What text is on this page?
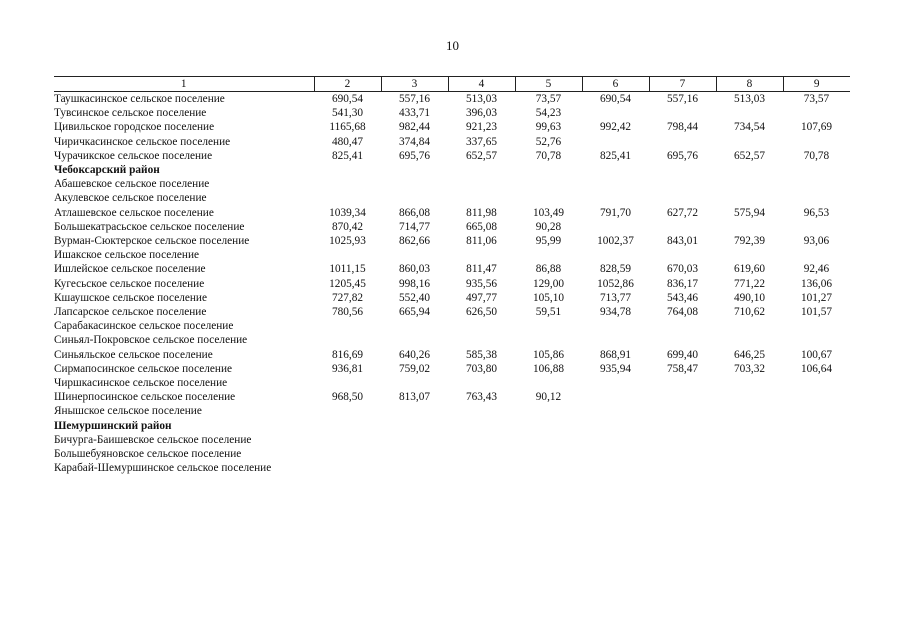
10
1	2	3	4	5	6	7	8	9
Таушкасинское сельское поселение	690,54	557,16	513,03	73,57	690,54	557,16	513,03	73,57
Тувсинское сельское поселение	541,30	433,71	396,03	54,23				
Цивильское городское поселение	1165,68	982,44	921,23	99,63	992,42	798,44	734,54	107,69
Чиричкасинское сельское поселение	480,47	374,84	337,65	52,76				
Чурачикское сельское поселение	825,41	695,76	652,57	70,78	825,41	695,76	652,57	70,78
Чебоксарский район								
Абашевское сельское поселение								
Акулевское сельское поселение								
Атлашевское сельское поселение	1039,34	866,08	811,98	103,49	791,70	627,72	575,94	96,53
Большекатрасьское сельское поселение	870,42	714,77	665,08	90,28				
Вурман-Сюктерское сельское поселение	1025,93	862,66	811,06	95,99	1002,37	843,01	792,39	93,06
Ишакское сельское поселение								
Ишлейское сельское поселение	1011,15	860,03	811,47	86,88	828,59	670,03	619,60	92,46
Кугесьское сельское поселение	1205,45	998,16	935,56	129,00	1052,86	836,17	771,22	136,06
Кшаушское сельское поселение	727,82	552,40	497,77	105,10	713,77	543,46	490,10	101,27
Лапсарское сельское поселение	780,56	665,94	626,50	59,51	934,78	764,08	710,62	101,57
Сарабакасинское сельское поселение								
Синьял-Покровское сельское поселение								
Синьяльское сельское поселение	816,69	640,26	585,38	105,86	868,91	699,40	646,25	100,67
Сирмапосинское сельское поселение	936,81	759,02	703,80	106,88	935,94	758,47	703,32	106,64
Чиршкасинское сельское поселение								
Шинерпосинское сельское поселение	968,50	813,07	763,43	90,12				
Янышское сельское поселение								
Шемуршинский район								
Бичурга-Баишевское сельское поселение								
Большебуяновское сельское поселение								
Карабай-Шемуршинское сельское поселение								
